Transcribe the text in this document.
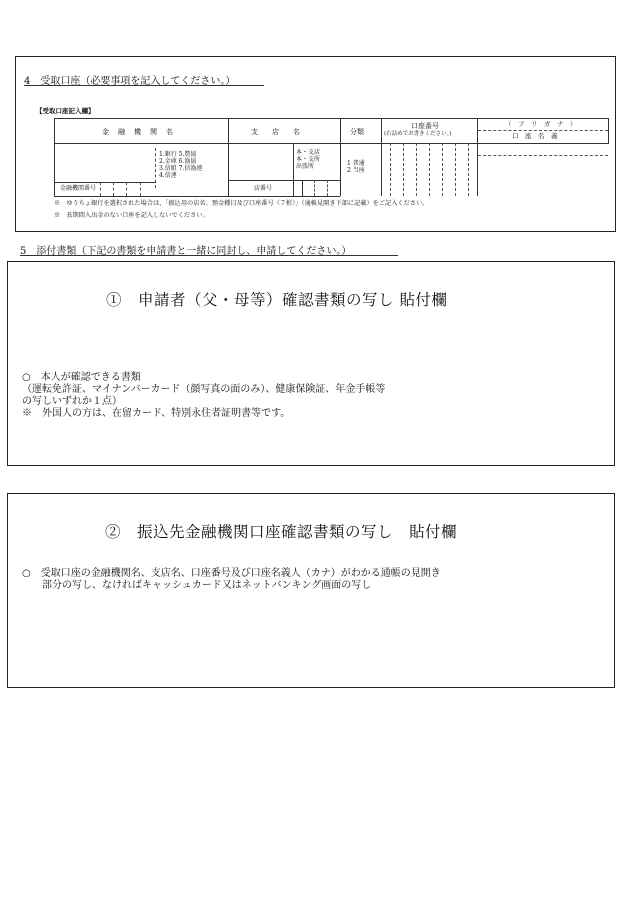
4　受取口座（必要事項を記入してください。）
【受取口座記入欄】
金　融　機　関　名	支　　店　　名	分類
口座番号
(右詰めでお書きください。)
（　フ　リ　ガ　ナ　）
口　座　名　義
1.銀行 5.農協
2.金庫 6.漁協
3.信組 7.信漁連
4.信連
金融機関番号
本・支店
本・支所
出張所
店番号
1 普通
2 当座
※　ゆうちょ銀行を選択された場合は、「振込用の店名、預金種目及び口座番号（７桁）」（通帳見開き下部に記載）をご記入ください。
※　長期間入出金のない口座を記入しないでください。
5　添付書類（下記の書類を申請書と一緒に同封し、申請してください。）
①　申請者（父・母等）確認書類の写し 貼付欄
○　本人が確認できる書類
（運転免許証、マイナンバーカード（顔写真の面のみ）、健康保険証、年金手帳等
の写しいずれか１点）
※　外国人の方は、在留カード、特別永住者証明書等です。
②　振込先金融機関口座確認書類の写し　貼付欄
○　受取口座の金融機関名、支店名、口座番号及び口座名義人（カナ）がわかる通帳の見開き
　　部分の写し、なければキャッシュカード又はネットバンキング画面の写し
